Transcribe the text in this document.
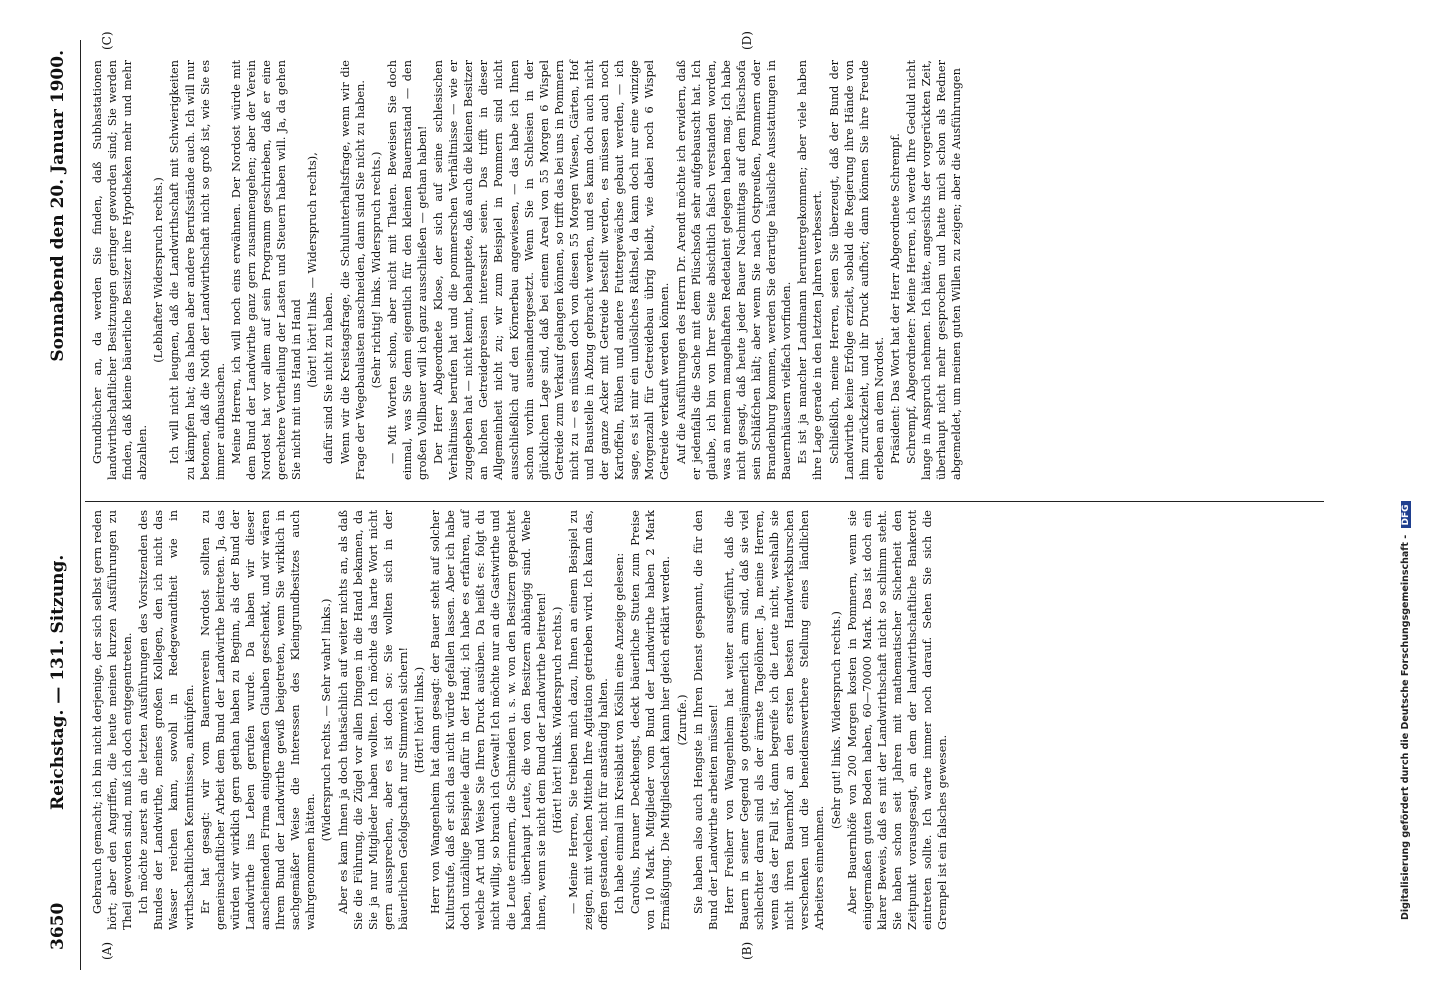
3650
Reichstag. — 131. Sitzung.
Sonnabend den 20. Januar 1900.
(A)	(B)
(C)	(D)

Gebrauch gemacht; ich bin nicht derjenige, der sich selbst gern reden hört; aber den Angriffen, die heute meinen kurzen Ausführungen zu Theil geworden sind, muß ich doch entgegentreten. Ich möchte zuerst an die letzten Ausführungen des Vorsitzenden des Bundes der Landwirthe, meines großen Kollegen, den ich nicht das Wasser reichen kann, sowohl in Redegewandtheit wie in wirthschaftlichen Kenntnissen, anknüpfen. Er hat gesagt: wir vom Bauernverein Nordost sollten zu gemeinschaftlicher Arbeit dem Bund der Landwirthe beitreten. Ja, das würden wir wirklich gern gethan haben zu Beginn, als der Bund der Landwirthe ins Leben gerufen wurde. Da haben wir dieser anscheinenden Firma einigermaßen Glauben geschenkt, und wir wären Ihrem Bund der Landwirthe gewiß beigetreten, wenn Sie wirklich in sachgemäßer Weise die Interessen des Kleingrundbesitzes auch wahrgenommen hätten.

(Widerspruch rechts. — Sehr wahr! links.) Aber es kam Ihnen ja doch thatsächlich auf weiter nichts an, als daß Sie die Führung, die Zügel vor allen Dingen in die Hand bekamen, da Sie ja nur Mitglieder haben wollten. Ich möchte das harte Wort nicht gern aussprechen, aber es ist doch so: Sie wollten sich in der bäuerlichen Gefolgschaft nur Stimmvieh sichern! (Hört! hört! links.) Herr von Wangenheim hat dann gesagt: der Bauer steht auf solcher Kulturstufe, daß er sich das nicht würde gefallen lassen. Aber ich habe doch unzählige Beispiele dafür in der Hand; ich habe es erfahren, auf welche Art und Weise Sie Ihren Druck ausüben. Da heißt es: folgt du nicht willig, so brauch ich Gewalt! Ich möchte nur an die Gastwirthe und die Leute erinnern, die Schmieden u. s. w. von den Besitzern gepachtet haben, überhaupt Leute, die von den Besitzern abhängig sind. Wehe ihnen, wenn sie nicht dem Bund der Landwirthe beitreten! (Hört! hört! links. Widerspruch rechts.) — Meine Herren, Sie treiben mich dazu, Ihnen an einem Beispiel zu zeigen, mit welchen Mitteln Ihre Agitation getrieben wird. Ich kann das, offen gestanden, nicht für anständig halten. Ich habe einmal im Kreisblatt von Köslin eine Anzeige gelesen: Carolus, brauner Deckhengst, deckt bäuerliche Stuten zum Preise von 10 Mark. Mitglieder vom Bund der Landwirthe haben 2 Mark Ermäßigung. Die Mitgliedschaft kann hier gleich erklärt werden. (Zurufe.) Sie haben also auch Hengste in Ihren Dienst gespannt, die für den Bund der Landwirthe arbeiten müssen! Herr Freiherr von Wangenheim hat weiter ausgeführt, daß die Bauern in seiner Gegend so gottesjämmerlich arm sind, daß sie viel schlechter daran sind als der ärmste Tagelöhner. Ja, meine Herren, wenn das der Fall ist, dann begreife ich die Leute nicht, weshalb sie nicht ihren Bauernhof an den ersten besten Handwerksburschen verschenken und die beneidenswerthere Stellung eines ländlichen Arbeiters einnehmen.

(Sehr gut! links. Widerspruch rechts.) Aber Bauernhöfe von 200 Morgen kosten in Pommern, wenn sie einigermaßen guten Boden haben, 60—70000 Mark. Das ist doch ein klarer Beweis, daß es mit der Landwirthschaft nicht so schlimm steht. Sie haben schon seit Jahren mit mathematischer Sicherheit den Zeitpunkt vorausgesagt, an dem der landwirthschaftliche Bankerott eintreten sollte. Ich warte immer noch darauf. Sehen Sie sich die Grempel ist ein falsches gewesen.

Grundbücher an, da werden Sie finden, daß Subhastationen landwirthschaftlicher Besitzungen geringer geworden sind; Sie werden finden, daß kleine bäuerliche Besitzer ihre Hypotheken mehr und mehr abzahlen.

(Lebhafter Widerspruch rechts.) Ich will nicht leugnen, daß die Landwirthschaft mit Schwierigkeiten zu kämpfen hat; das haben aber andere Berufsstände auch. Ich will nur betonen, daß die Noth der Landwirthschaft nicht so groß ist, wie Sie es immer aufbauschen. Meine Herren, ich will noch eins erwähnen. Der Nordost würde mit dem Bund der Landwirthe ganz gern zusammengehen; aber der Verein Nordost hat vor allem auf sein Programm geschrieben, daß er eine gerechtere Vertheilung der Lasten und Steuern haben will. Ja, da gehen Sie nicht mit uns Hand in Hand

(hört! hört! links — Widerspruch rechts), dafür sind Sie nicht zu haben. Wenn wir die Kreistagsfrage, die Schulunterhaltsfrage, wenn wir die Frage der Wegebaulasten anschneiden, dann sind Sie nicht zu haben. (Sehr richtig! links. Widerspruch rechts.) — Mit Worten schon, aber nicht mit Thaten. Beweisen Sie doch einmal, was Sie denn eigentlich für den kleinen Bauernstand — den großen Vollbauer will ich ganz ausschließen — gethan haben! Der Herr Abgeordnete Klose, der sich auf seine schlesischen Verhältnisse berufen hat und die pommerschen Verhältnisse — wie er zugegeben hat — nicht kennt, behauptete, daß auch die kleinen Besitzer an hohen Getreidepreisen interessirt seien. Das trifft in dieser Allgemeinheit nicht zu; wir zum Beispiel in Pommern sind nicht ausschließlich auf den Körnerbau angewiesen, — das habe ich Ihnen schon vorhin auseinandergesetzt. Wenn Sie in Schlesien in der glücklichen Lage sind, daß bei einem Areal von 55 Morgen 6 Wispel Getreide zum Verkauf gelangen können, so trifft das bei uns in Pommern nicht zu — es müssen doch von diesen 55 Morgen Wiesen, Gärten, Hof und Baustelle in Abzug gebracht werden, und es kann doch auch nicht der ganze Acker mit Getreide bestellt werden, es müssen auch noch Kartoffeln, Rüben und andere Futtergewächse gebaut werden, — ich sage, es ist mir ein unlösliches Räthsel, da kann doch nur eine winzige Morgenzahl für Getreidebau übrig bleibt, wie dabei noch 6 Wispel Getreide verkauft werden können. Auf die Ausführungen des Herrn Dr. Arendt möchte ich erwidern, daß er jedenfalls die Sache mit dem Plüschsofa sehr aufgebauscht hat. Ich glaube, ich bin von Ihrer Seite absichtlich falsch verstanden worden, was an meinem mangelhaften Redetalent gelegen haben mag. Ich habe nicht gesagt, daß heute jeder Bauer Nachmittags auf dem Plüschsofa sein Schläfchen hält; aber wenn Sie nach Ostpreußen, Pommern oder Brandenburg kommen, werden Sie derartige häusliche Ausstattungen in Bauernhäusern vielfach vorfinden. Es ist ja mancher Landmann heruntergekommen; aber viele haben ihre Lage gerade in den letzten Jahren verbessert. Schließlich, meine Herren, seien Sie überzeugt, daß der Bund der Landwirthe keine Erfolge erzielt, sobald die Regierung ihre Hände von ihm zurückzieht, und ihr Druck aufhört; dann können Sie ihre Freude erleben an dem Nordost. Präsident: Das Wort hat der Herr Abgeordnete Schrempf. Schrempf, Abgeordneter: Meine Herren, ich werde Ihre Geduld nicht lange in Anspruch nehmen. Ich hätte, angesichts der vorgerückten Zeit, überhaupt nicht mehr gesprochen und hatte mich schon als Redner abgemeldet, um meinen guten Willen zu zeigen; aber die Ausführungen

Digitalisierung gefördert durch die Deutsche Forschungsgemeinschaft - DFG
